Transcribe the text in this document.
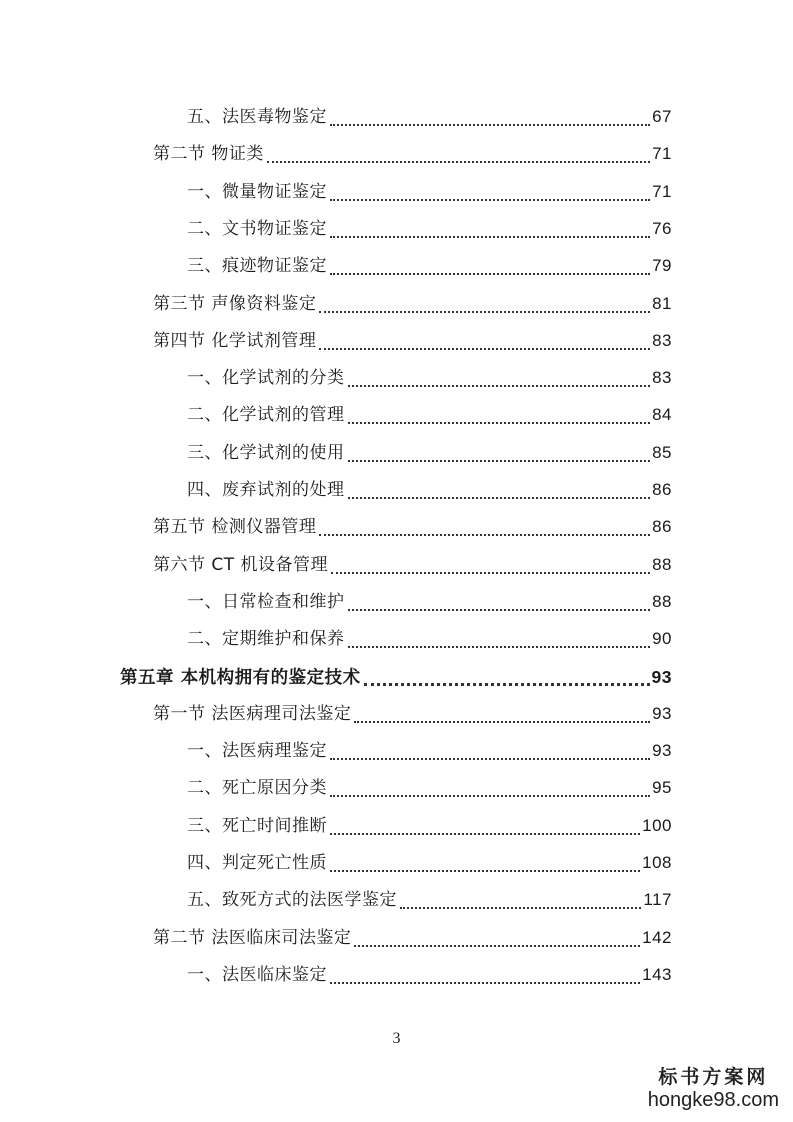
五、法医毒物鉴定	67
第二节 物证类	71
一、微量物证鉴定	71
二、文书物证鉴定	76
三、痕迹物证鉴定	79
第三节 声像资料鉴定	81
第四节 化学试剂管理	83
一、化学试剂的分类	83
二、化学试剂的管理	84
三、化学试剂的使用	85
四、废弃试剂的处理	86
第五节 检测仪器管理	86
第六节 CT 机设备管理	88
一、日常检查和维护	88
二、定期维护和保养	90
第五章 本机构拥有的鉴定技术	93
第一节 法医病理司法鉴定	93
一、法医病理鉴定	93
二、死亡原因分类	95
三、死亡时间推断	100
四、判定死亡性质	108
五、致死方式的法医学鉴定	117
第二节 法医临床司法鉴定	142
一、法医临床鉴定	143
3
标书方案网
hongke98.com
